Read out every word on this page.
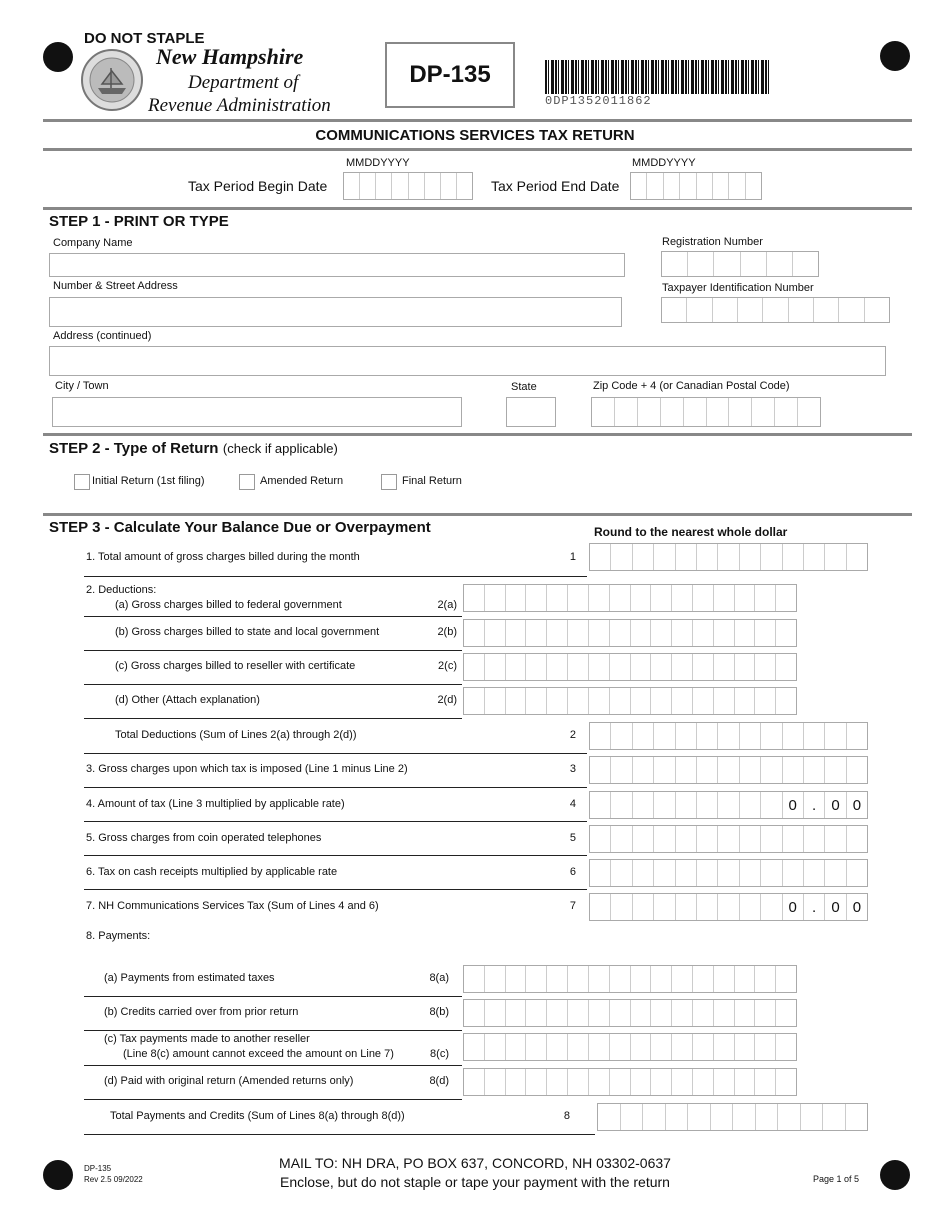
DO NOT STAPLE
New Hampshire
Department of
Revenue Administration
DP-135
0DP1352011862
COMMUNICATIONS SERVICES TAX RETURN
MMDDYYYY	MMDDYYYY
Tax Period Begin Date	Tax Period End Date
STEP 1 - PRINT OR TYPE
Company Name	Registration Number
Number & Street Address	Taxpayer Identification Number
Address (continued)
City / Town	State	Zip Code + 4 (or Canadian Postal Code)
STEP 2 - Type of Return (check if applicable)
Initial Return (1st filing)	Amended Return	Final Return
STEP 3 - Calculate Your Balance Due or Overpayment	Round to the nearest whole dollar
1. Total amount of gross charges billed during the month	1
2. Deductions:
(a) Gross charges billed to federal government	2(a)
(b) Gross charges billed to state and local government	2(b)
(c) Gross charges billed to reseller with certificate	2(c)
(d) Other (Attach explanation)	2(d)
Total Deductions (Sum of Lines 2(a) through 2(d))	2
3. Gross charges upon which tax is imposed (Line 1 minus Line 2)	3
4. Amount of tax (Line 3 multiplied by applicable rate)	4	0	.	0 0
5. Gross charges from coin operated telephones	5
6. Tax on cash receipts multiplied by applicable rate	6
7. NH Communications Services Tax (Sum of Lines 4 and 6)	7	0	.	0 0
8. Payments:
(a) Payments from estimated taxes	8(a)
(b) Credits carried over from prior return	8(b)
(c) Tax payments made to another reseller
(Line 8(c) amount cannot exceed the amount on Line 7)	8(c)
(d) Paid with original return (Amended returns only)	8(d)
Total Payments and Credits (Sum of Lines 8(a) through 8(d))	8
DP-135
Rev 2.5 09/2022
MAIL TO: NH DRA, PO BOX 637, CONCORD, NH 03302-0637
Enclose, but do not staple or tape your payment with the return	Page 1 of 5
